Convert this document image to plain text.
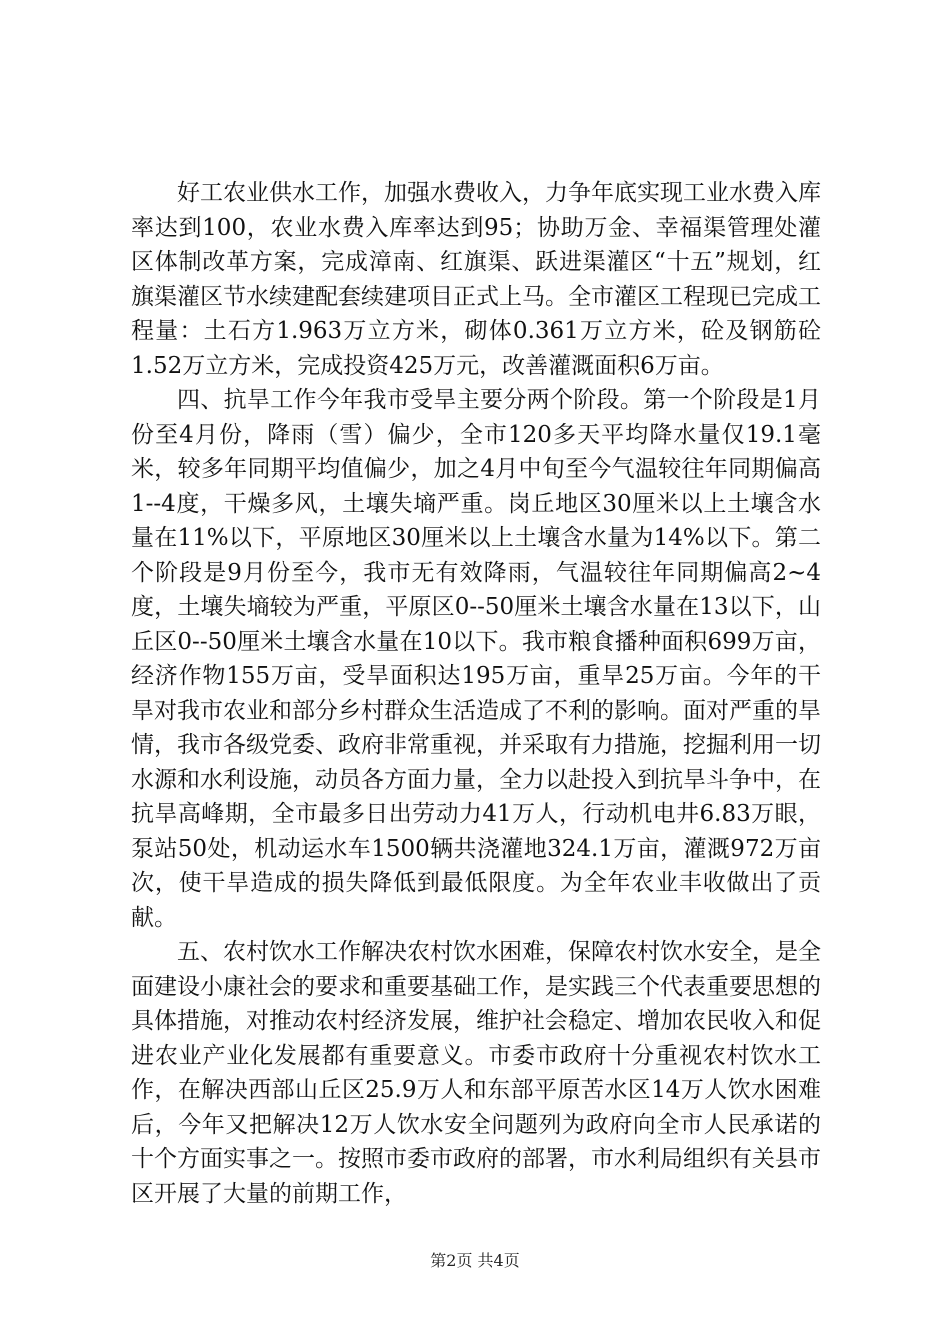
好工农业供水工作，加强水费收入，力争年底实现工业水费入库率达到100，农业水费入库率达到95；协助万金、幸福渠管理处灌区体制改革方案，完成漳南、红旗渠、跃进渠灌区“十五”规划，红旗渠灌区节水续建配套续建项目正式上马。全市灌区工程现已完成工程量：土石方1.963万立方米，砌体0.361万立方米，砼及钢筋砼1.52万立方米，完成投资425万元，改善灌溉面积6万亩。

四、抗旱工作今年我市受旱主要分两个阶段。第一个阶段是1月份至4月份，降雨（雪）偏少，全市120多天平均降水量仅19.1毫米，较多年同期平均值偏少，加之4月中旬至今气温较往年同期偏高1--4度，干燥多风，土壤失墒严重。岗丘地区30厘米以上土壤含水量在11%以下，平原地区30厘米以上土壤含水量为14%以下。第二个阶段是9月份至今，我市无有效降雨，气温较往年同期偏高2~4度，土壤失墒较为严重，平原区0--50厘米土壤含水量在13以下，山丘区0--50厘米土壤含水量在10以下。我市粮食播种面积699万亩，经济作物155万亩，受旱面积达195万亩，重旱25万亩。今年的干旱对我市农业和部分乡村群众生活造成了不利的影响。面对严重的旱情，我市各级党委、政府非常重视，并采取有力措施，挖掘利用一切水源和水利设施，动员各方面力量，全力以赴投入到抗旱斗争中，在抗旱高峰期，全市最多日出劳动力41万人，行动机电井6.83万眼，泵站50处，机动运水车1500辆共浇灌地324.1万亩，灌溉972万亩次，使干旱造成的损失降低到最低限度。为全年农业丰收做出了贡献。

五、农村饮水工作解决农村饮水困难，保障农村饮水安全，是全面建设小康社会的要求和重要基础工作，是实践三个代表重要思想的具体措施，对推动农村经济发展，维护社会稳定、增加农民收入和促进农业产业化发展都有重要意义。市委市政府十分重视农村饮水工作，在解决西部山丘区25.9万人和东部平原苦水区14万人饮水困难后，今年又把解决12万人饮水安全问题列为政府向全市人民承诺的十个方面实事之一。按照市委市政府的部署，市水利局组织有关县市区开展了大量的前期工作，

第2页 共4页
